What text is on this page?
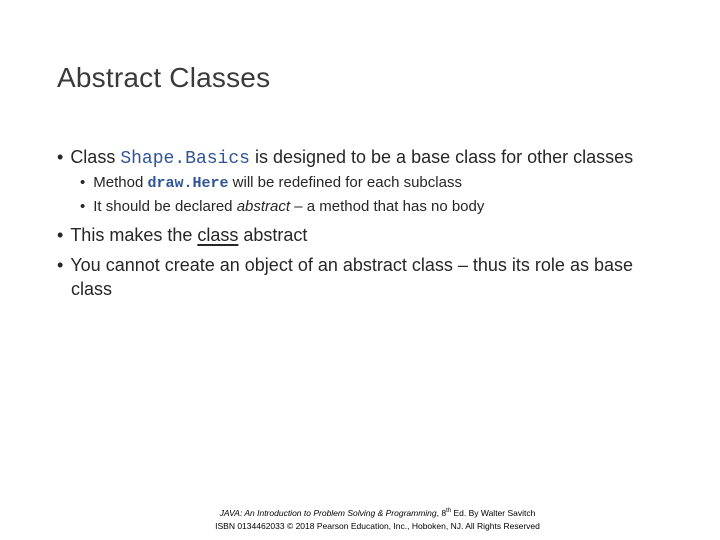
Abstract Classes
• Class Shape.Basics is designed to be a base class for other classes
• Method draw.Here will be redefined for each subclass
• It should be declared abstract – a method that has no body
• This makes the class abstract
• You cannot create an object of an abstract class – thus its role as base
class
JAVA: An Introduction to Problem Solving & Programming, 8th Ed. By Walter Savitch
ISBN 0134462033 © 2018 Pearson Education, Inc., Hoboken, NJ. All Rights Reserved
